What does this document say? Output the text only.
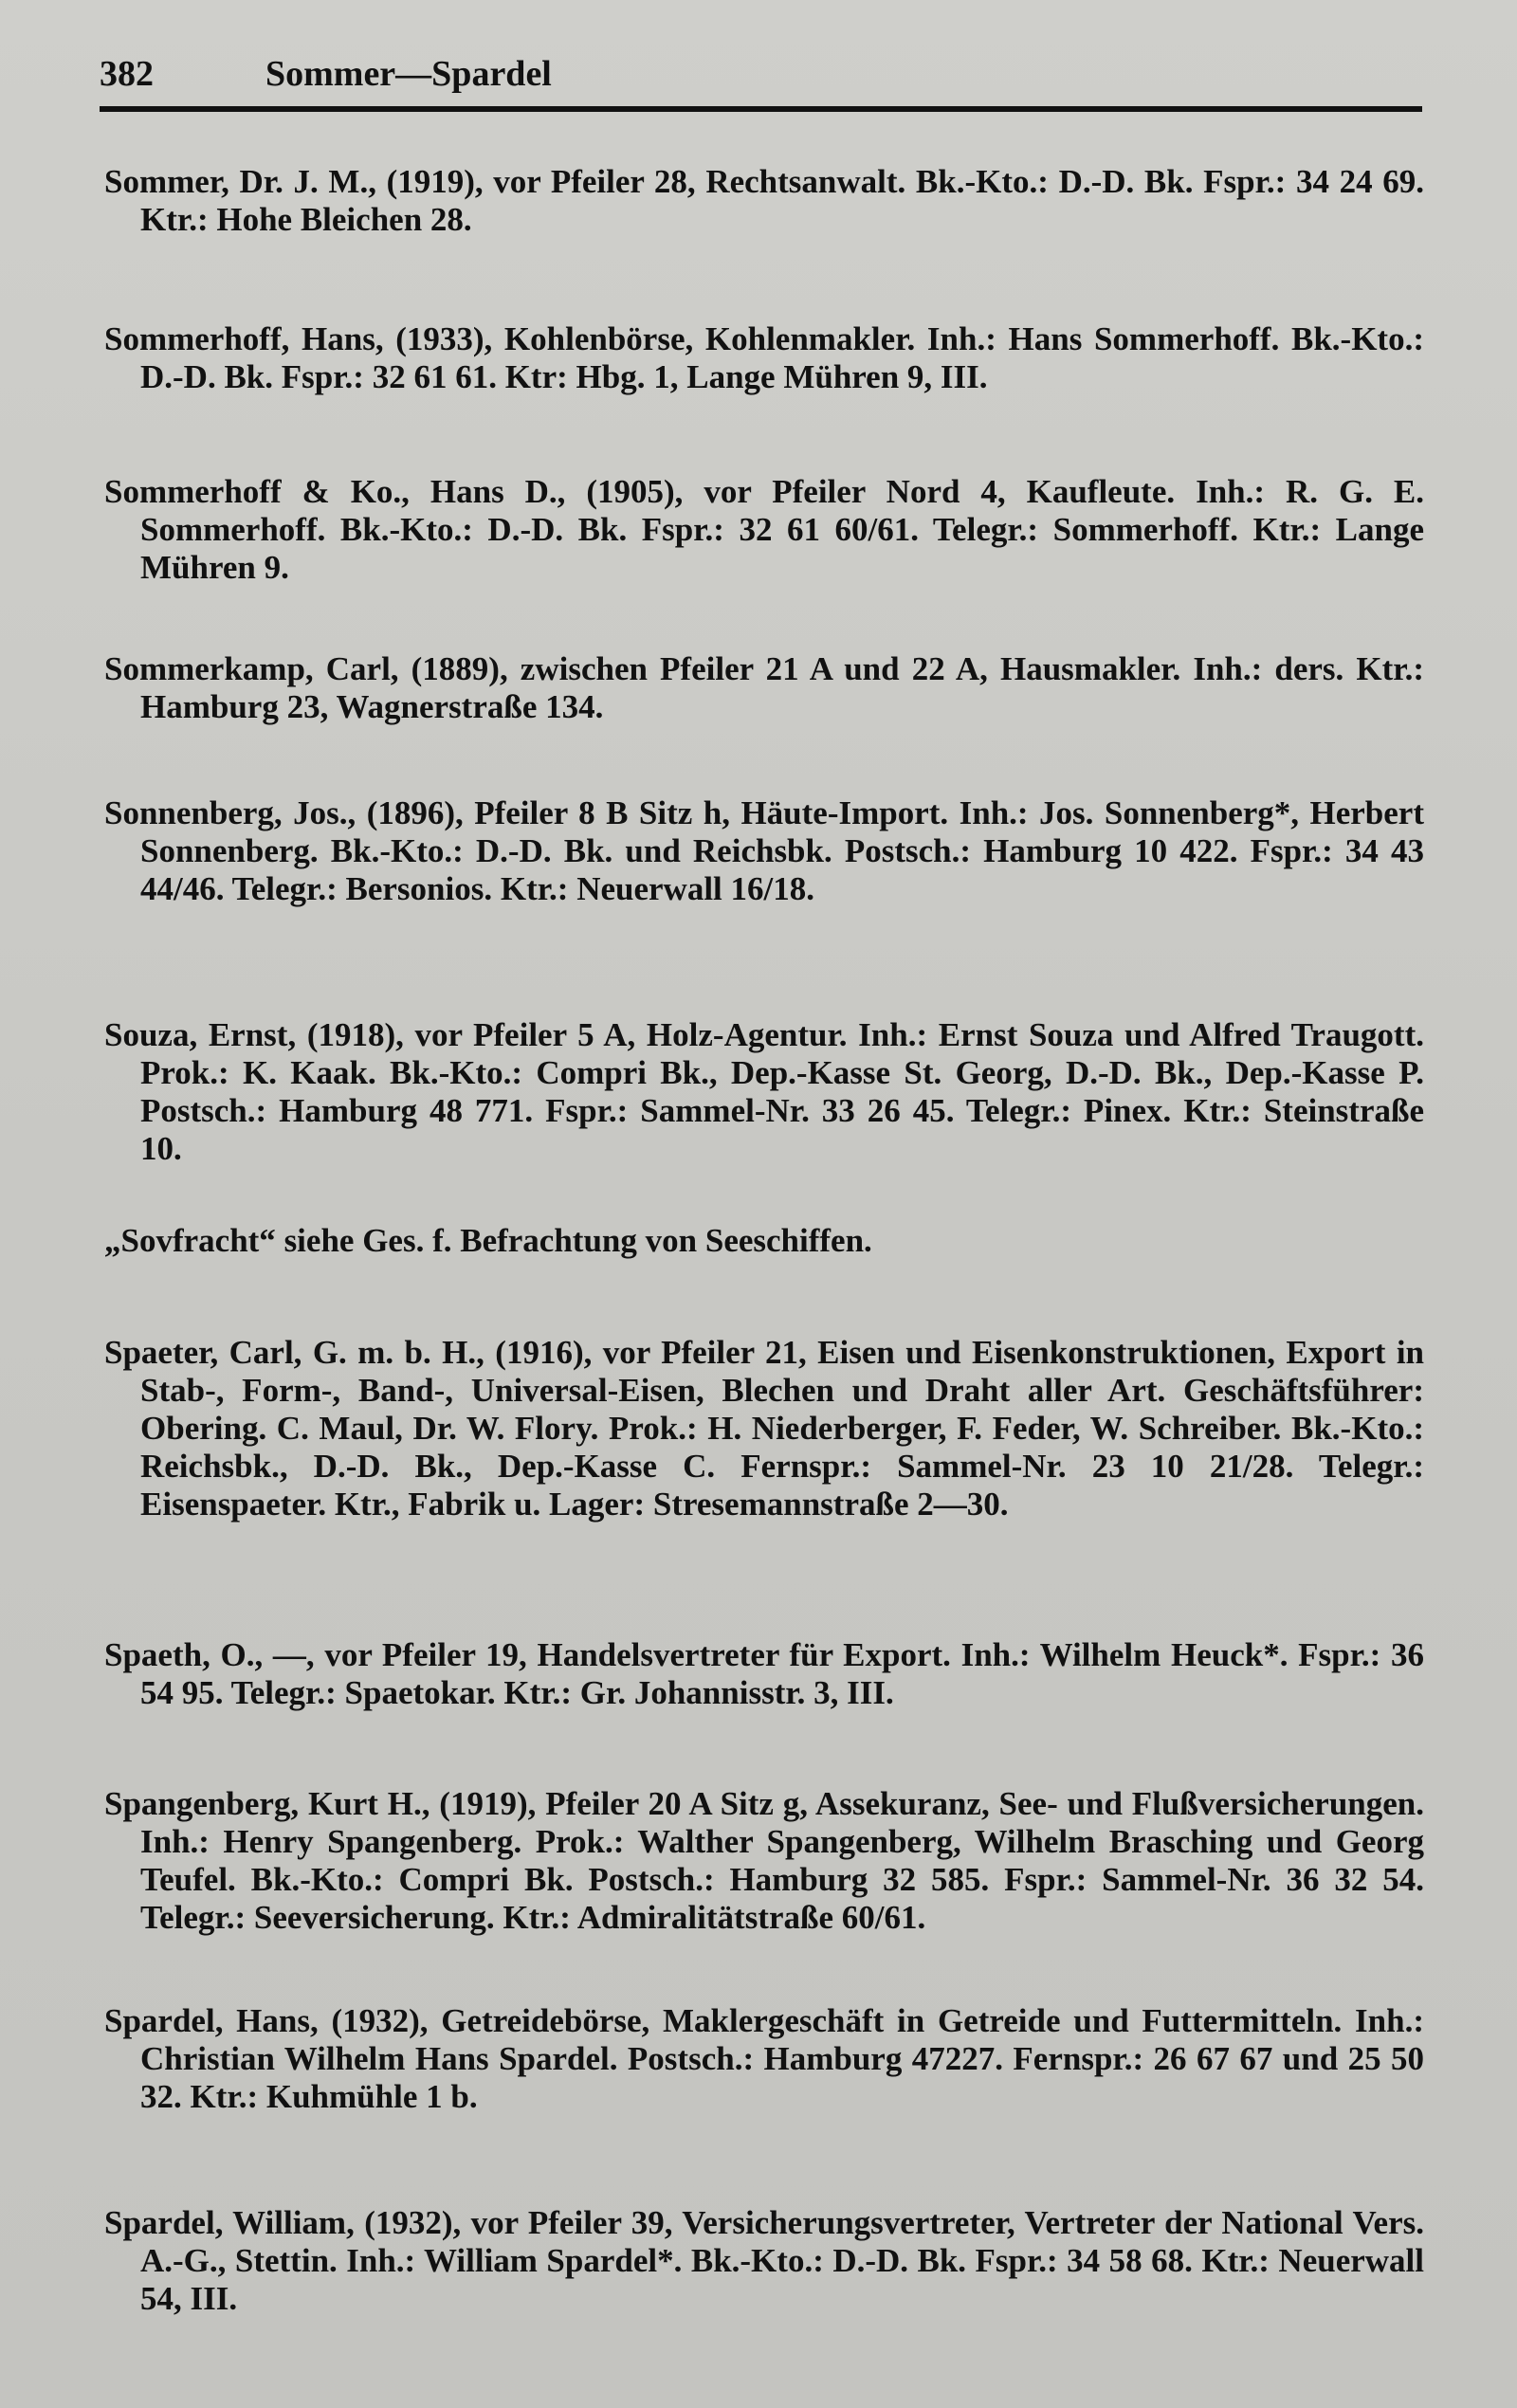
382	Sommer—Spardel

Sommer, Dr. J. M., (1919), vor Pfeiler 28, Rechtsanwalt. Bk.-Kto.: D.-D. Bk. Fspr.: 34 24 69. Ktr.: Hohe Bleichen 28.

Sommerhoff, Hans, (1933), Kohlenbörse, Kohlenmakler. Inh.: Hans Sommerhoff. Bk.-Kto.: D.-D. Bk. Fspr.: 32 61 61. Ktr: Hbg. 1, Lange Mühren 9, III.

Sommerhoff & Ko., Hans D., (1905), vor Pfeiler Nord 4, Kaufleute. Inh.: R. G. E. Sommerhoff. Bk.-Kto.: D.-D. Bk. Fspr.: 32 61 60/61. Telegr.: Sommerhoff. Ktr.: Lange Mühren 9.

Sommerkamp, Carl, (1889), zwischen Pfeiler 21 A und 22 A, Hausmakler. Inh.: ders. Ktr.: Hamburg 23, Wagnerstraße 134.

Sonnenberg, Jos., (1896), Pfeiler 8 B Sitz h, Häute-Import. Inh.: Jos. Sonnenberg*, Herbert Sonnenberg. Bk.-Kto.: D.-D. Bk. und Reichsbk. Postsch.: Hamburg 10 422. Fspr.: 34 43 44/46. Telegr.: Bersonios. Ktr.: Neuerwall 16/18.

Souza, Ernst, (1918), vor Pfeiler 5 A, Holz-Agentur. Inh.: Ernst Souza und Alfred Traugott. Prok.: K. Kaak. Bk.-Kto.: Compri Bk., Dep.-Kasse St. Georg, D.-D. Bk., Dep.-Kasse P. Postsch.: Hamburg 48 771. Fspr.: Sammel-Nr. 33 26 45. Telegr.: Pinex. Ktr.: Steinstraße 10.

„Sovfracht“ siehe Ges. f. Befrachtung von Seeschiffen.

Spaeter, Carl, G. m. b. H., (1916), vor Pfeiler 21, Eisen und Eisenkonstruktionen, Export in Stab-, Form-, Band-, Universal-Eisen, Blechen und Draht aller Art. Geschäftsführer: Obering. C. Maul, Dr. W. Flory. Prok.: H. Niederberger, F. Feder, W. Schreiber. Bk.-Kto.: Reichsbk., D.-D. Bk., Dep.-Kasse C. Fernspr.: Sammel-Nr. 23 10 21/28. Telegr.: Eisenspaeter. Ktr., Fabrik u. Lager: Stresemannstraße 2—30.

Spaeth, O., —, vor Pfeiler 19, Handelsvertreter für Export. Inh.: Wilhelm Heuck*. Fspr.: 36 54 95. Telegr.: Spaetokar. Ktr.: Gr. Johannisstr. 3, III.

Spangenberg, Kurt H., (1919), Pfeiler 20 A Sitz g, Assekuranz, See- und Flußversicherungen. Inh.: Henry Spangenberg. Prok.: Walther Spangenberg, Wilhelm Brasching und Georg Teufel. Bk.-Kto.: Compri Bk. Postsch.: Hamburg 32 585. Fspr.: Sammel-Nr. 36 32 54. Telegr.: Seeversicherung. Ktr.: Admiralitätstraße 60/61.

Spardel, Hans, (1932), Getreidebörse, Maklergeschäft in Getreide und Futtermitteln. Inh.: Christian Wilhelm Hans Spardel. Postsch.: Hamburg 47227. Fernspr.: 26 67 67 und 25 50 32. Ktr.: Kuhmühle 1 b.

Spardel, William, (1932), vor Pfeiler 39, Versicherungsvertreter, Vertreter der National Vers. A.-G., Stettin. Inh.: William Spardel*. Bk.-Kto.: D.-D. Bk. Fspr.: 34 58 68. Ktr.: Neuerwall 54, III.
